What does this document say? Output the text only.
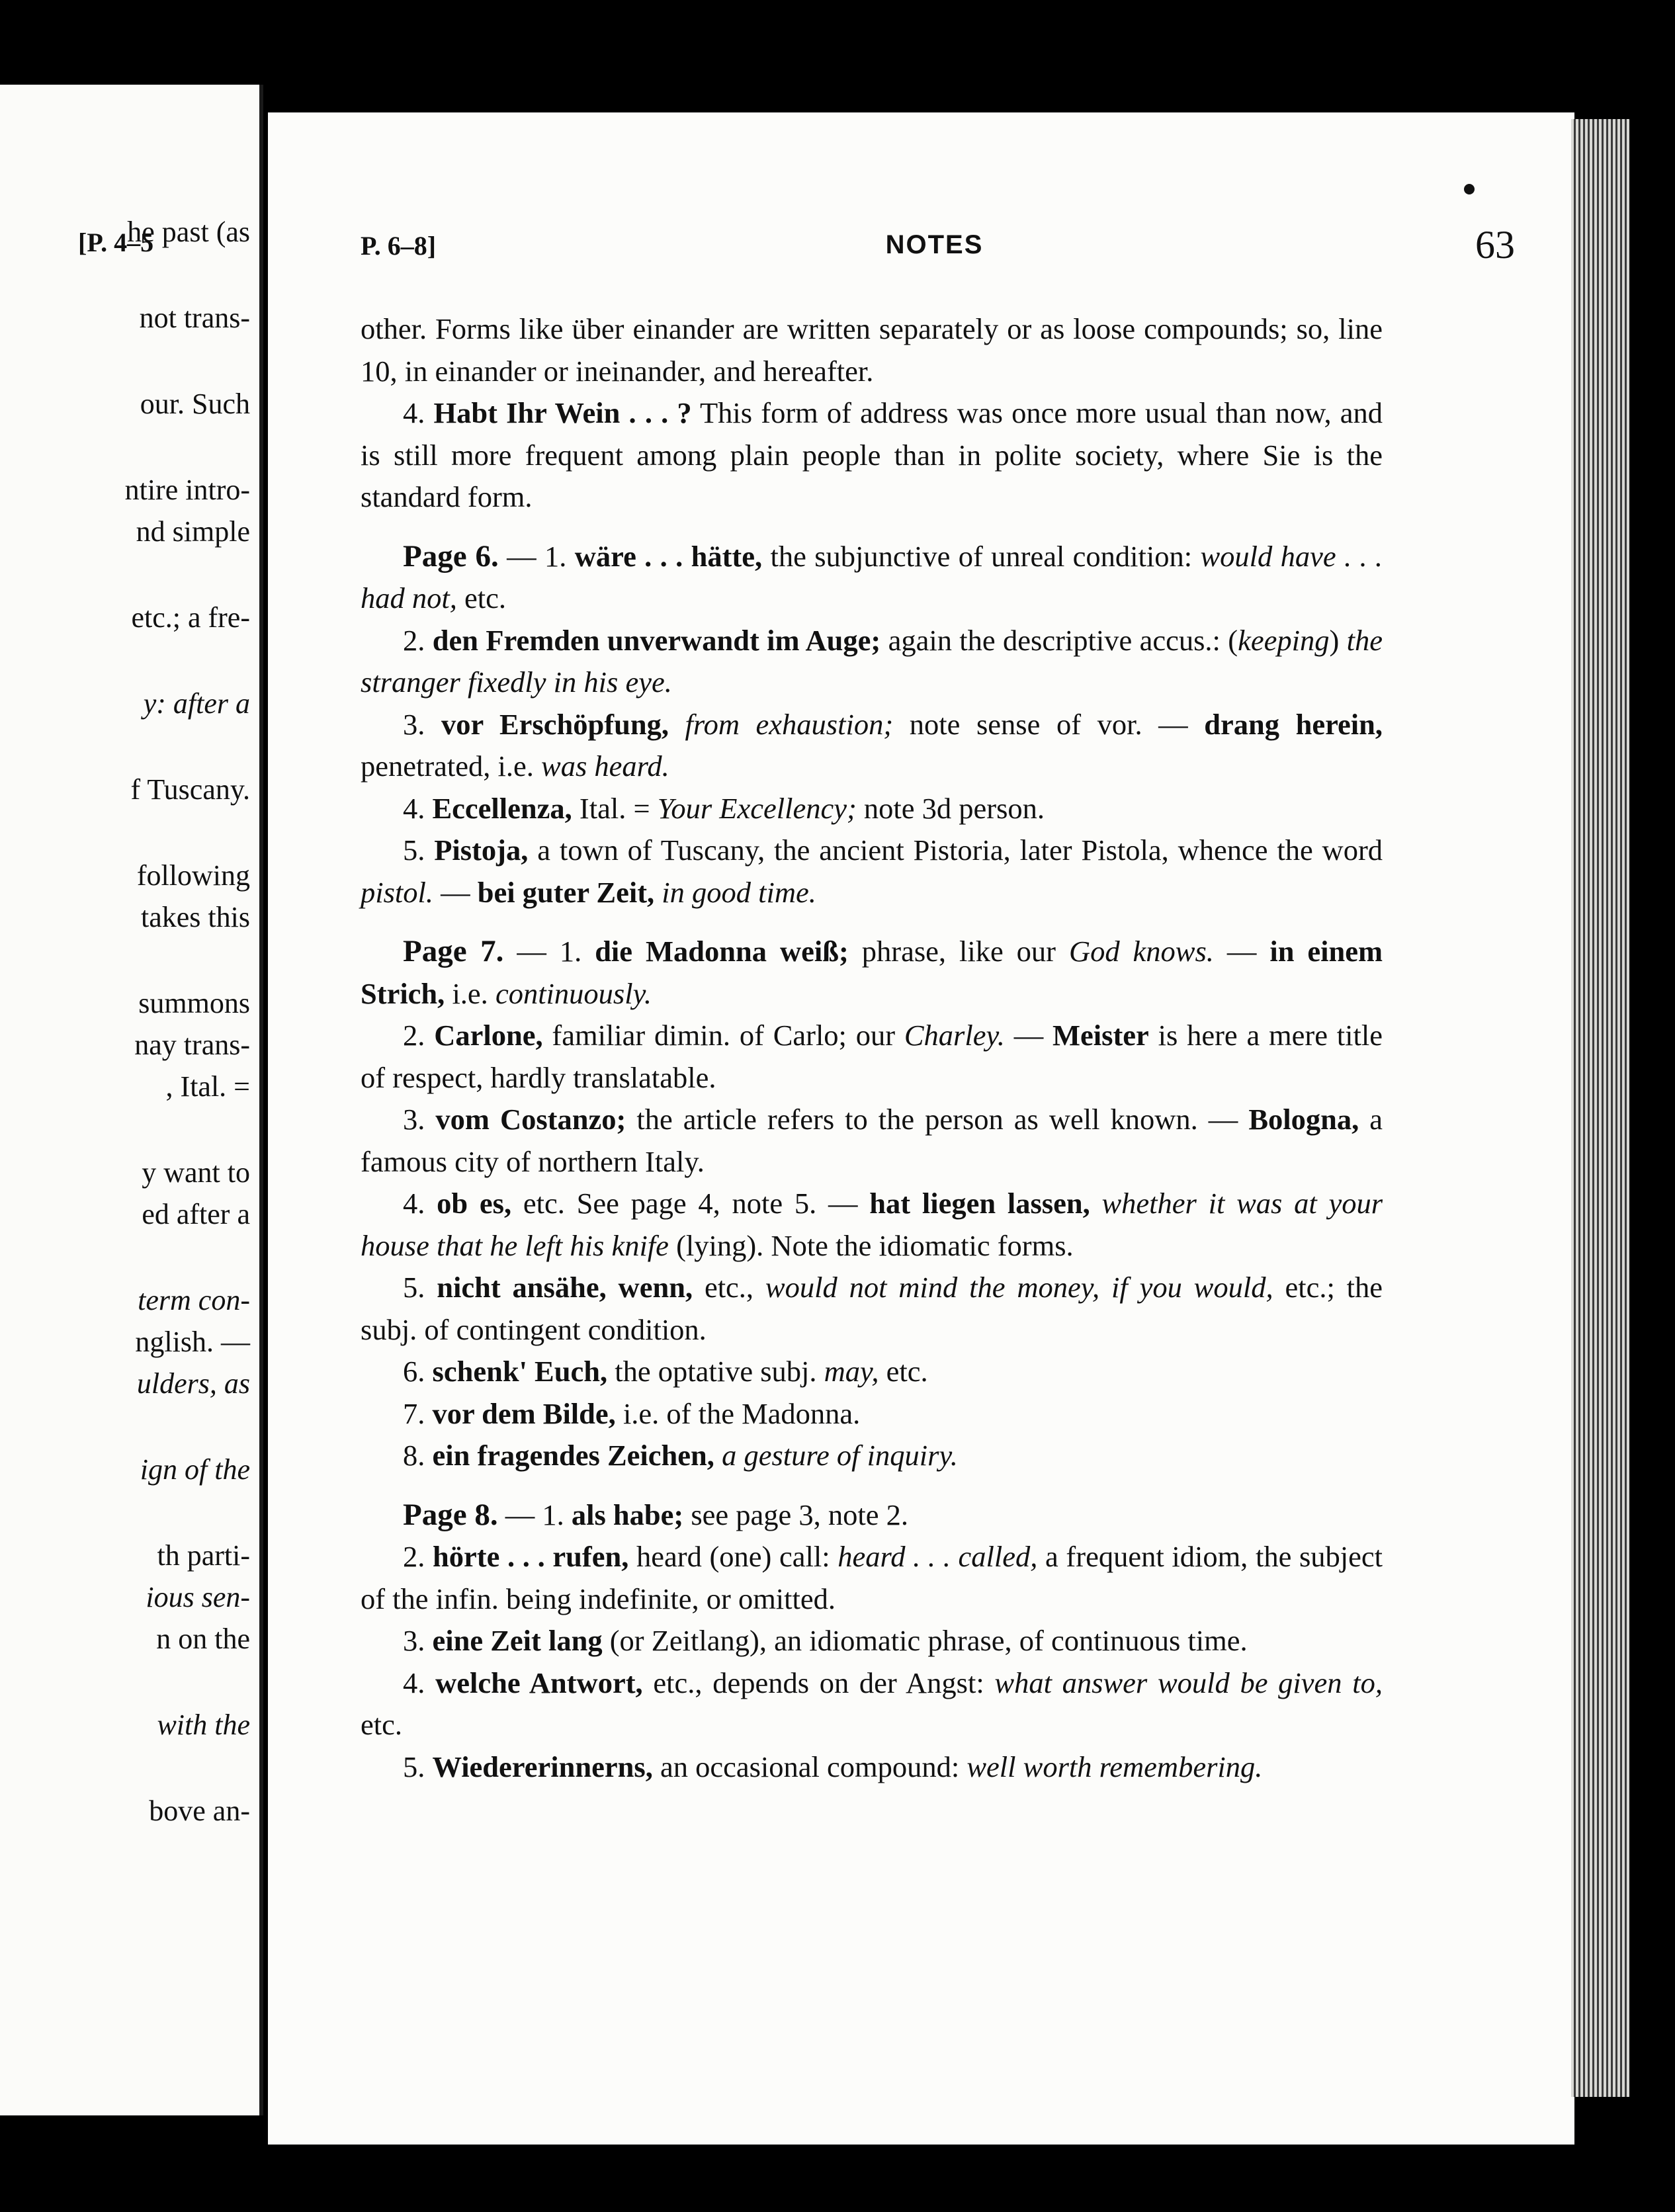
[P. 4–5
he past (as
not trans-
our. Such
ntire intro-
nd simple
etc.; a fre-
y: after a
f Tuscany.
following
takes this
summons
nay trans-
, Ital. =
y want to
ed after a
term con-
nglish. —
ulders, as
ign of the
th parti-
ious sen-
n on the
with the
bove an-
P. 6–8]	NOTES	63

other. Forms like über einander are written separately or as loose compounds; so, line 10, in einander or ineinander, and hereafter.

4. Habt Ihr Wein . . . ? This form of address was once more usual than now, and is still more frequent among plain people than in polite society, where Sie is the standard form.

Page 6. — 1. wäre . . . hätte, the subjunctive of unreal condition: would have . . . had not, etc.

2. den Fremden unverwandt im Auge; again the descriptive accus.: (keeping) the stranger fixedly in his eye.

3. vor Erschöpfung, from exhaustion; note sense of vor. — drang herein, penetrated, i.e. was heard.

4. Eccellenza, Ital. = Your Excellency; note 3d person.

5. Pistoja, a town of Tuscany, the ancient Pistoria, later Pistola, whence the word pistol. — bei guter Zeit, in good time.

Page 7. — 1. die Madonna weiß; phrase, like our God knows. — in einem Strich, i.e. continuously.

2. Carlone, familiar dimin. of Carlo; our Charley. — Meister is here a mere title of respect, hardly translatable.

3. vom Costanzo; the article refers to the person as well known. — Bologna, a famous city of northern Italy.

4. ob es, etc. See page 4, note 5. — hat liegen lassen, whether it was at your house that he left his knife (lying). Note the idiomatic forms.

5. nicht ansähe, wenn, etc., would not mind the money, if you would, etc.; the subj. of contingent condition.

6. schenk' Euch, the optative subj. may, etc.

7. vor dem Bilde, i.e. of the Madonna.

8. ein fragendes Zeichen, a gesture of inquiry.

Page 8. — 1. als habe; see page 3, note 2.

2. hörte . . . rufen, heard (one) call: heard . . . called, a frequent idiom, the subject of the infin. being indefinite, or omitted.

3. eine Zeit lang (or Zeitlang), an idiomatic phrase, of continuous time.

4. welche Antwort, etc., depends on der Angst: what answer would be given to, etc.

5. Wiedererinnerns, an occasional compound: well worth remembering.
